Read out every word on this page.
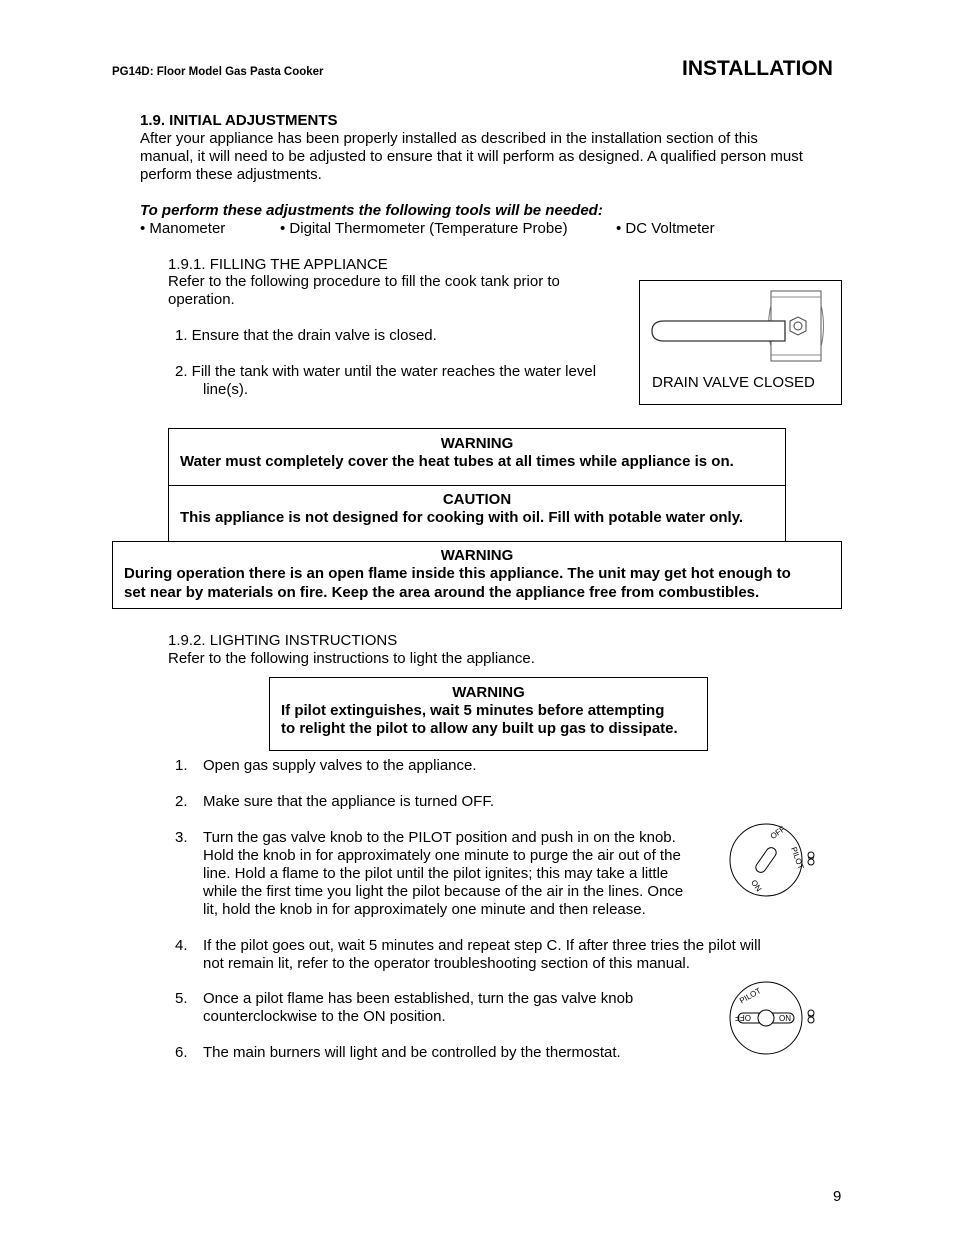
PG14D: Floor Model Gas Pasta Cooker	INSTALLATION
1.9. INITIAL ADJUSTMENTS
After your appliance has been properly installed as described in the installation section of this
manual, it will need to be adjusted to ensure that it will perform as designed. A qualified person must
perform these adjustments.
To perform these adjustments the following tools will be needed:
• Manometer	• Digital Thermometer (Temperature Probe)	• DC Voltmeter
1.9.1. FILLING THE APPLIANCE
Refer to the following procedure to fill the cook tank prior to
operation.
1. Ensure that the drain valve is closed.
2. Fill the tank with water until the water reaches the water level
line(s).	DRAIN VALVE CLOSED
WARNING
Water must completely cover the heat tubes at all times while appliance is on.
CAUTION
This appliance is not designed for cooking with oil. Fill with potable water only.
WARNING
During operation there is an open flame inside this appliance. The unit may get hot enough to
set near by materials on fire. Keep the area around the appliance free from combustibles.
1.9.2. LIGHTING INSTRUCTIONS
Refer to the following instructions to light the appliance.
WARNING
If pilot extinguishes, wait 5 minutes before attempting
to relight the pilot to allow any built up gas to dissipate.
1. Open gas supply valves to the appliance.
2. Make sure that the appliance is turned OFF.
3. Turn the gas valve knob to the PILOT position and push in on the knob.
Hold the knob in for approximately one minute to purge the air out of the
line. Hold a flame to the pilot until the pilot ignites; this may take a little
while the first time you light the pilot because of the air in the lines. Once
lit, hold the knob in for approximately one minute and then release.
4. If the pilot goes out, wait 5 minutes and repeat step C. If after three tries the pilot will
not remain lit, refer to the operator troubleshooting section of this manual.
5. Once a pilot flame has been established, turn the gas valve knob
counterclockwise to the ON position.
6. The main burners will light and be controlled by the thermostat.
ON
OFF
PILOT
PILOT
OFF	ON
9
